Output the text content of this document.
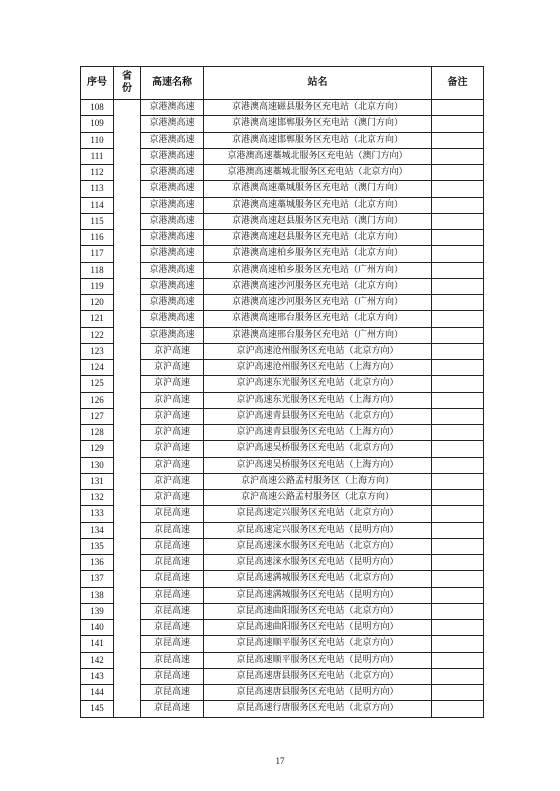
序号	省份	高速名称	站名	备注
108		京港澳高速	京港澳高速磁县服务区充电站（北京方向）	
109		京港澳高速	京港澳高速邯郸服务区充电站（澳门方向）	
110		京港澳高速	京港澳高速邯郸服务区充电站（北京方向）	
111		京港澳高速	京港澳高速藁城北服务区充电站（澳门方向）	
112		京港澳高速	京港澳高速藁城北服务区充电站（北京方向）	
113		京港澳高速	京港澳高速藁城服务区充电站（澳门方向）	
114		京港澳高速	京港澳高速藁城服务区充电站（北京方向）	
115		京港澳高速	京港澳高速赵县服务区充电站（澳门方向）	
116		京港澳高速	京港澳高速赵县服务区充电站（北京方向）	
117		京港澳高速	京港澳高速柏乡服务区充电站（北京方向）	
118		京港澳高速	京港澳高速柏乡服务区充电站（广州方向）	
119		京港澳高速	京港澳高速沙河服务区充电站（北京方向）	
120		京港澳高速	京港澳高速沙河服务区充电站（广州方向）	
121		京港澳高速	京港澳高速邢台服务区充电站（北京方向）	
122		京港澳高速	京港澳高速邢台服务区充电站（广州方向）	
123		京沪高速	京沪高速沧州服务区充电站（北京方向）	
124		京沪高速	京沪高速沧州服务区充电站（上海方向）	
125		京沪高速	京沪高速东光服务区充电站（北京方向）	
126		京沪高速	京沪高速东光服务区充电站（上海方向）	
127		京沪高速	京沪高速青县服务区充电站（北京方向）	
128		京沪高速	京沪高速青县服务区充电站（上海方向）	
129		京沪高速	京沪高速吴桥服务区充电站（北京方向）	
130		京沪高速	京沪高速吴桥服务区充电站（上海方向）	
131		京沪高速	京沪高速公路孟村服务区（上海方向）	
132		京沪高速	京沪高速公路孟村服务区（北京方向）	
133		京昆高速	京昆高速定兴服务区充电站（北京方向）	
134		京昆高速	京昆高速定兴服务区充电站（昆明方向）	
135		京昆高速	京昆高速涞水服务区充电站（北京方向）	
136		京昆高速	京昆高速涞水服务区充电站（昆明方向）	
137		京昆高速	京昆高速满城服务区充电站（北京方向）	
138		京昆高速	京昆高速满城服务区充电站（昆明方向）	
139		京昆高速	京昆高速曲阳服务区充电站（北京方向）	
140		京昆高速	京昆高速曲阳服务区充电站（昆明方向）	
141		京昆高速	京昆高速顺平服务区充电站（北京方向）	
142		京昆高速	京昆高速顺平服务区充电站（昆明方向）	
143		京昆高速	京昆高速唐县服务区充电站（北京方向）	
144		京昆高速	京昆高速唐县服务区充电站（昆明方向）	
145		京昆高速	京昆高速行唐服务区充电站（北京方向）	
17
